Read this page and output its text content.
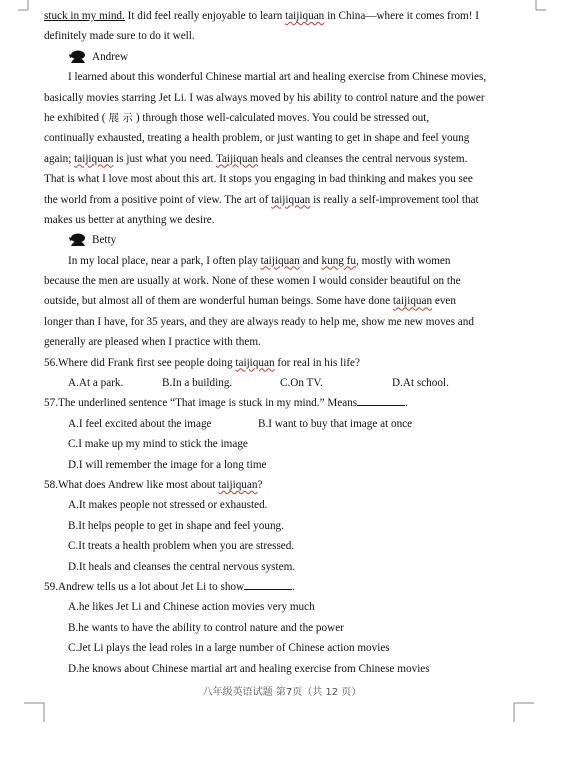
stuck in my mind. It did feel really enjoyable to learn taijiquan in China—where it comes from! I
definitely made sure to do it well.
Andrew
I learned about this wonderful Chinese martial art and healing exercise from Chinese movies,
basically movies starring Jet Li. I was always moved by his ability to control nature and the power
he exhibited ( 展 示 ) through those well-calculated moves. You could be stressed out,
continually exhausted, treating a health problem, or just wanting to get in shape and feel young
again; taijiquan is just what you need. Taijiquan heals and cleanses the central nervous system.
That is what I love most about this art. It stops you engaging in bad thinking and makes you see
the world from a positive point of view. The art of taijiquan is really a self-improvement tool that
makes us better at anything we desire.
Betty
In my local place, near a park, I often play taijiquan and kung fu, mostly with women
because the men are usually at work. None of these women I would consider beautiful on the
outside, but almost all of them are wonderful human beings. Some have done taijiquan even
longer than I have, for 35 years, and they are always ready to help me, show me new moves and
generally are pleased when I practice with them.
56.Where did Frank first see people doing taijiquan for real in his life?
A.At a park.	B.In a building.	C.On TV.	D.At school.
57.The underlined sentence “That image is stuck in my mind.” Means	.
A.I feel excited about the image	B.I want to buy that image at once
C.I make up my mind to stick the image
D.I will remember the image for a long time
58.What does Andrew like most about taijiquan?
A.It makes people not stressed or exhausted.
B.It helps people to get in shape and feel young.
C.It treats a health problem when you are stressed.
D.It heals and cleanses the central nervous system.
59.Andrew tells us a lot about Jet Li to show	.
A.he likes Jet Li and Chinese action movies very much
B.he wants to have the ability to control nature and the power
C.Jet Li plays the lead roles in a large number of Chinese action movies
D.he knows about Chinese martial art and healing exercise from Chinese movies
八年级英语试题 第7页（共 12 页）
